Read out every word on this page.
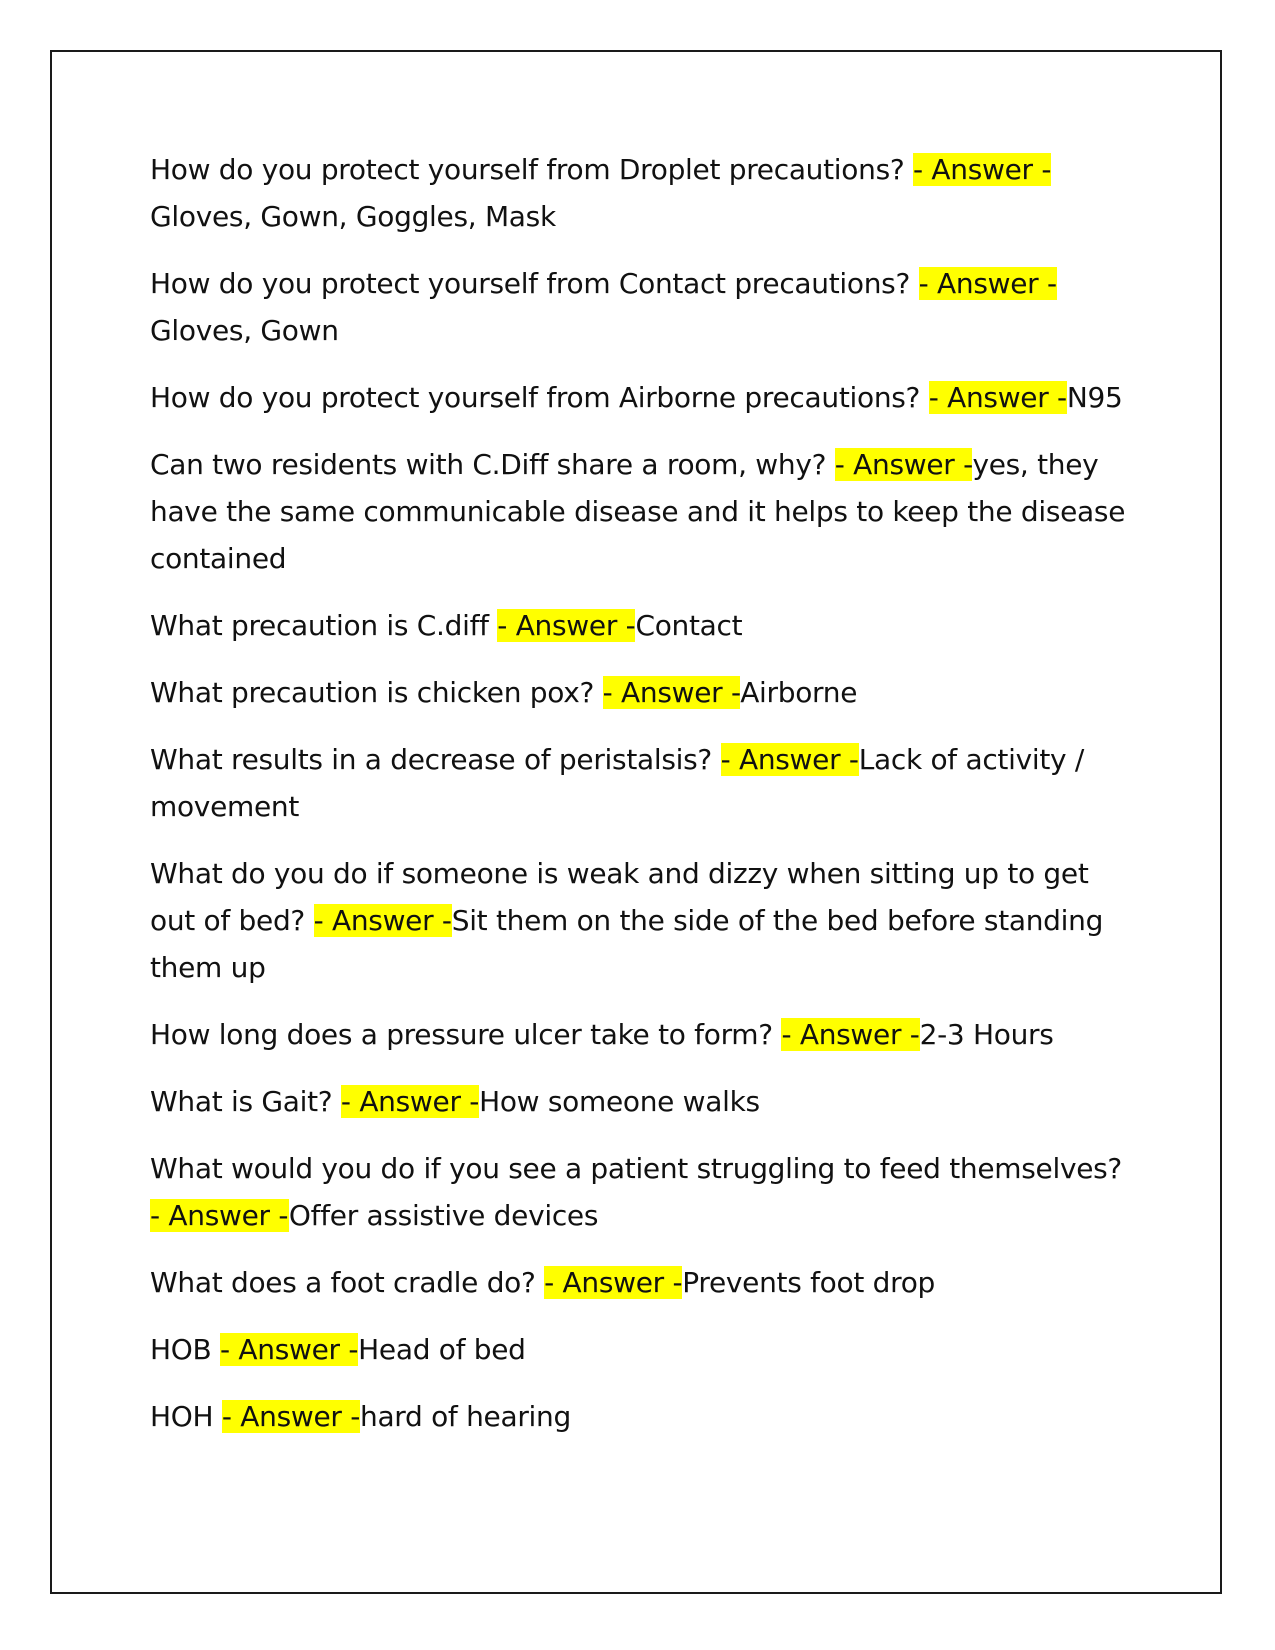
How do you protect yourself from Droplet precautions? - Answer - Gloves, Gown, Goggles, Mask

How do you protect yourself from Contact precautions? - Answer - Gloves, Gown

How do you protect yourself from Airborne precautions? - Answer -N95

Can two residents with C.Diff share a room, why? - Answer -yes, they have the same communicable disease and it helps to keep the disease contained

What precaution is C.diff - Answer -Contact

What precaution is chicken pox? - Answer -Airborne

What results in a decrease of peristalsis? - Answer -Lack of activity / movement

What do you do if someone is weak and dizzy when sitting up to get out of bed? - Answer -Sit them on the side of the bed before standing them up

How long does a pressure ulcer take to form? - Answer -2-3 Hours

What is Gait? - Answer -How someone walks

What would you do if you see a patient struggling to feed themselves? - Answer -Offer assistive devices

What does a foot cradle do? - Answer -Prevents foot drop

HOB - Answer -Head of bed

HOH - Answer -hard of hearing
